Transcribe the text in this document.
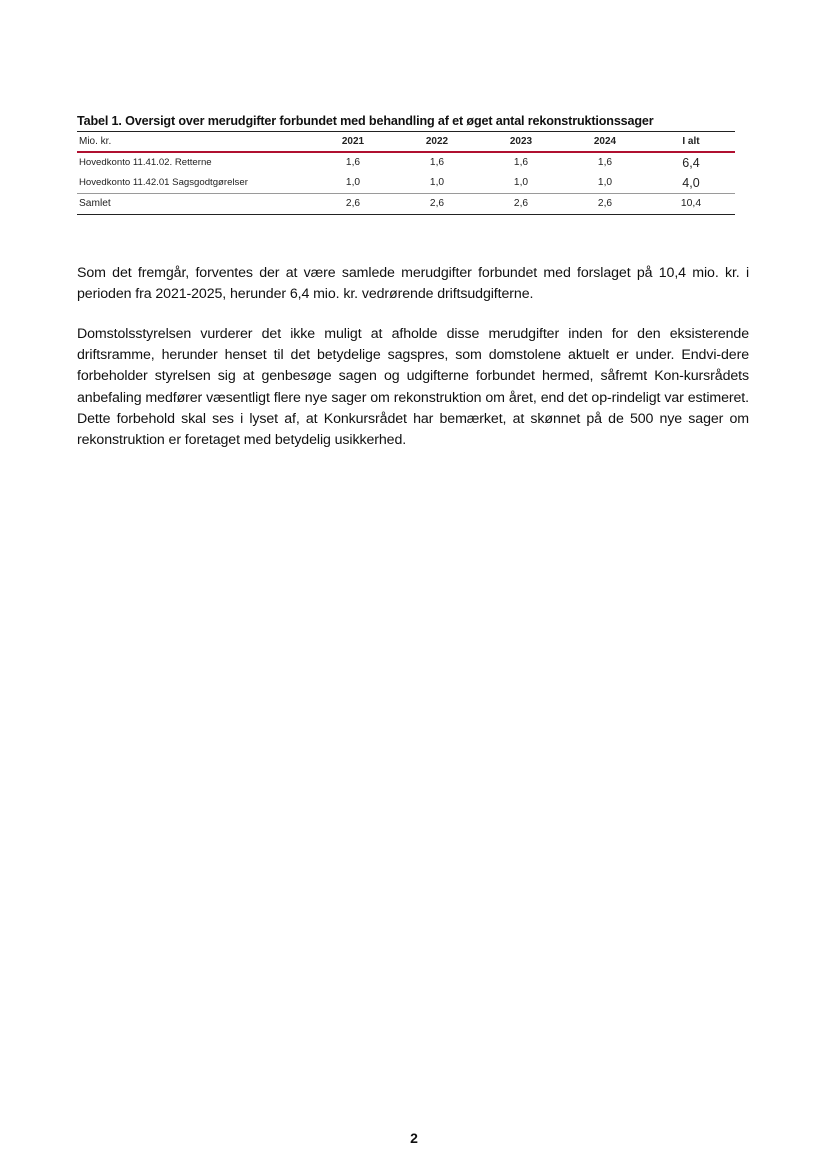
Tabel 1. Oversigt over merudgifter forbundet med behandling af et øget antal rekonstruktionssager
Mio. kr.	2021	2022	2023	2024	I alt
Hovedkonto 11.41.02. Retterne	1,6	1,6	1,6	1,6	6,4
Hovedkonto 11.42.01 Sagsgodtgørelser	1,0	1,0	1,0	1,0	4,0
Samlet	2,6	2,6	2,6	2,6	10,4

Som det fremgår, forventes der at være samlede merudgifter forbundet med forslaget på 10,4 mio. kr. i perioden fra 2021-2025, herunder 6,4 mio. kr. vedrørende driftsudgifterne.

Domstolsstyrelsen vurderer det ikke muligt at afholde disse merudgifter inden for den eksisterende driftsramme, herunder henset til det betydelige sagspres, som domstolene aktuelt er under. Endvi-dere forbeholder styrelsen sig at genbesøge sagen og udgifterne forbundet hermed, såfremt Kon-kursrådets anbefaling medfører væsentligt flere nye sager om rekonstruktion om året, end det op-rindeligt var estimeret. Dette forbehold skal ses i lyset af, at Konkursrådet har bemærket, at skønnet på de 500 nye sager om rekonstruktion er foretaget med betydelig usikkerhed.

2
